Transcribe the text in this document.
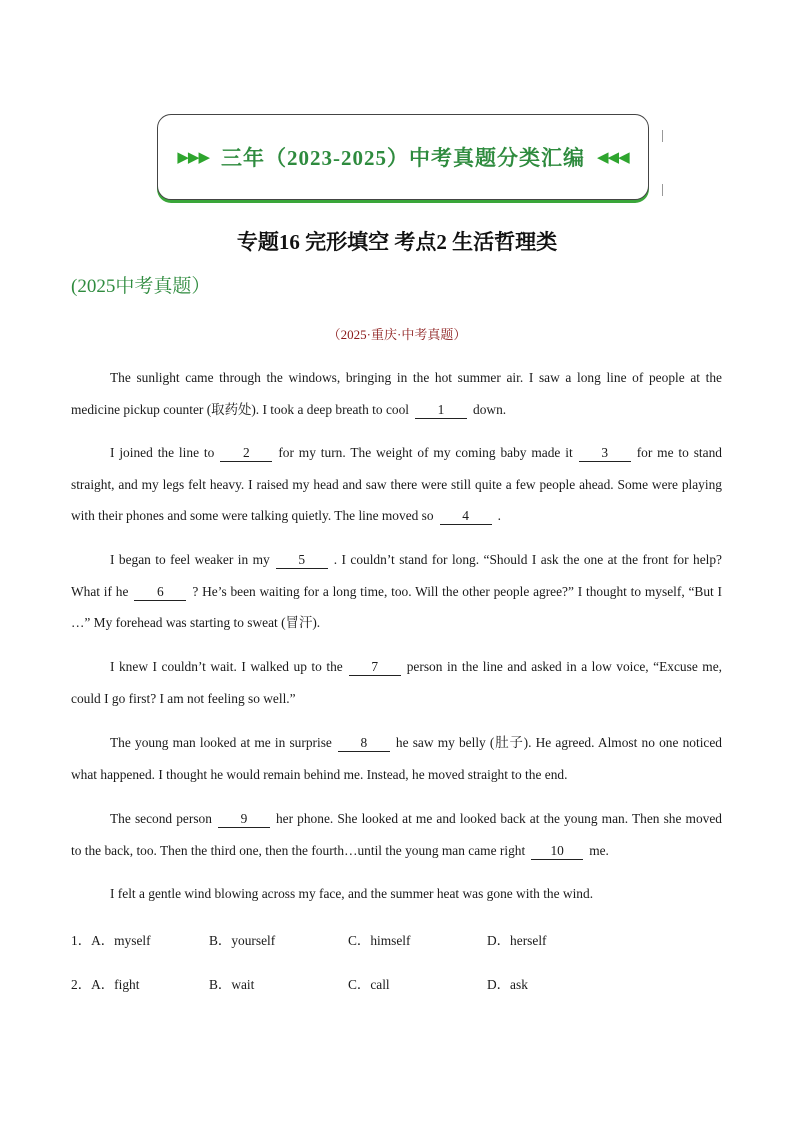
▶▶▶ 三年（2023-2025）中考真题分类汇编 ◀◀◀
专题16 完形填空 考点2 生活哲理类
(2025中考真题）
（2025·重庆·中考真题）
The sunlight came through the windows, bringing in the hot summer air. I saw a long line of people at the medicine pickup counter (取药处). I took a deep breath to cool 1 down.
I joined the line to 2 for my turn. The weight of my coming baby made it 3 for me to stand straight, and my legs felt heavy. I raised my head and saw there were still quite a few people ahead. Some were playing with their phones and some were talking quietly. The line moved so 4 .
I began to feel weaker in my 5 . I couldn’t stand for long. “Should I ask the one at the front for help? What if he 6 ? He’s been waiting for a long time, too. Will the other people agree?” I thought to myself, “But I …” My forehead was starting to sweat (冒汗).
I knew I couldn’t wait. I walked up to the 7 person in the line and asked in a low voice, “Excuse me, could I go first? I am not feeling so well.”
The young man looked at me in surprise 8 he saw my belly (肚子). He agreed. Almost no one noticed what happened. I thought he would remain behind me. Instead, he moved straight to the end.
The second person 9 her phone. She looked at me and looked back at the young man. Then she moved to the back, too. Then the third one, then the fourth…until the young man came right 10 me.
I felt a gentle wind blowing across my face, and the summer heat was gone with the wind.
1．A．myself	B．yourself	C．himself	D．herself
2．A．fight	B．wait	C．call	D．ask
